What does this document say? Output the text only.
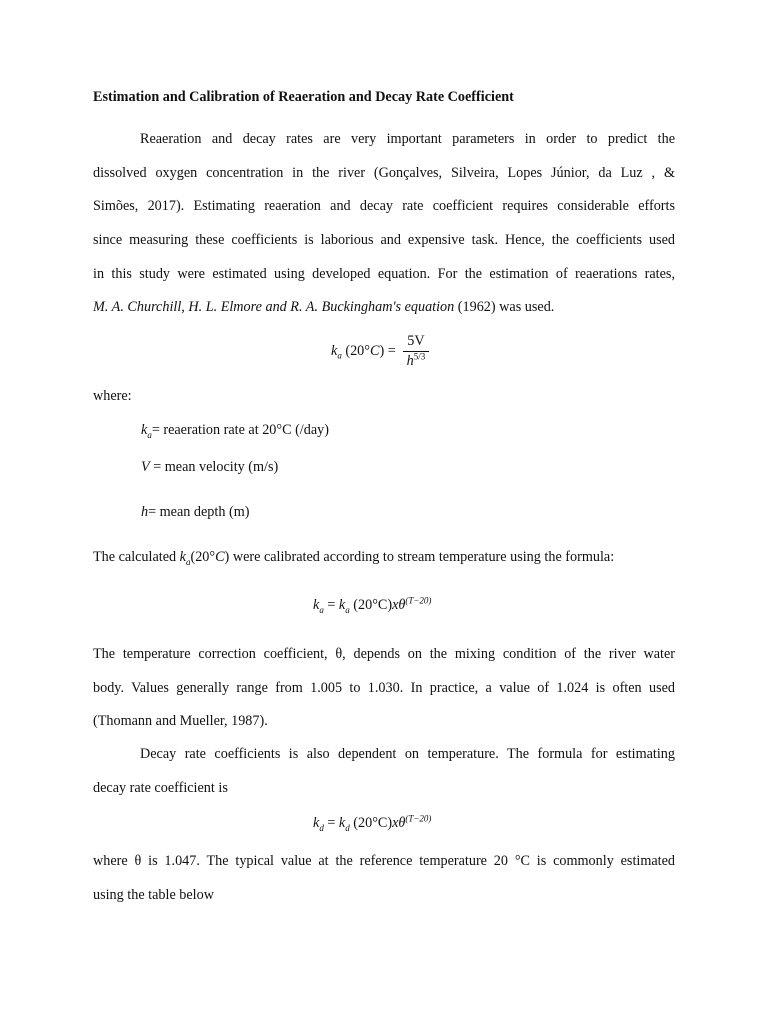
Estimation and Calibration of Reaeration and Decay Rate Coefficient
Reaeration and decay rates are very important parameters in order to predict the
dissolved oxygen concentration in the river (Gonçalves, Silveira, Lopes Júnior, da Luz , &
Simões, 2017). Estimating reaeration and decay rate coefficient requires considerable efforts
since measuring these coefficients is laborious and expensive task. Hence, the coefficients used
in this study were estimated using developed equation. For the estimation of reaerations rates,
M. A. Churchill, H. L. Elmore and R. A. Buckingham's equation (1962) was used.
$k_a$ $(20^\circ C) = \frac{5V}{h^{5/3}}$
where:
$k_a=$ reaeration rate at 20°C (/day)
V = mean velocity (m/s)
h= mean depth (m)
The calculated $k_a(20^\circ C)$ were calibrated according to stream temperature using the formula:
$k_a = k_a$ $(20^\circ C)x\theta^{(T-20)}$
The temperature correction coefficient, θ, depends on the mixing condition of the river water
body. Values generally range from 1.005 to 1.030. In practice, a value of 1.024 is often used
(Thomann and Mueller, 1987).
Decay rate coefficients is also dependent on temperature. The formula for estimating
decay rate coefficient is
$k_d = k_d$ $(20^\circ C)x\theta^{(T-20)}$
where θ is 1.047. The typical value at the reference temperature 20 °C is commonly estimated
using the table below
